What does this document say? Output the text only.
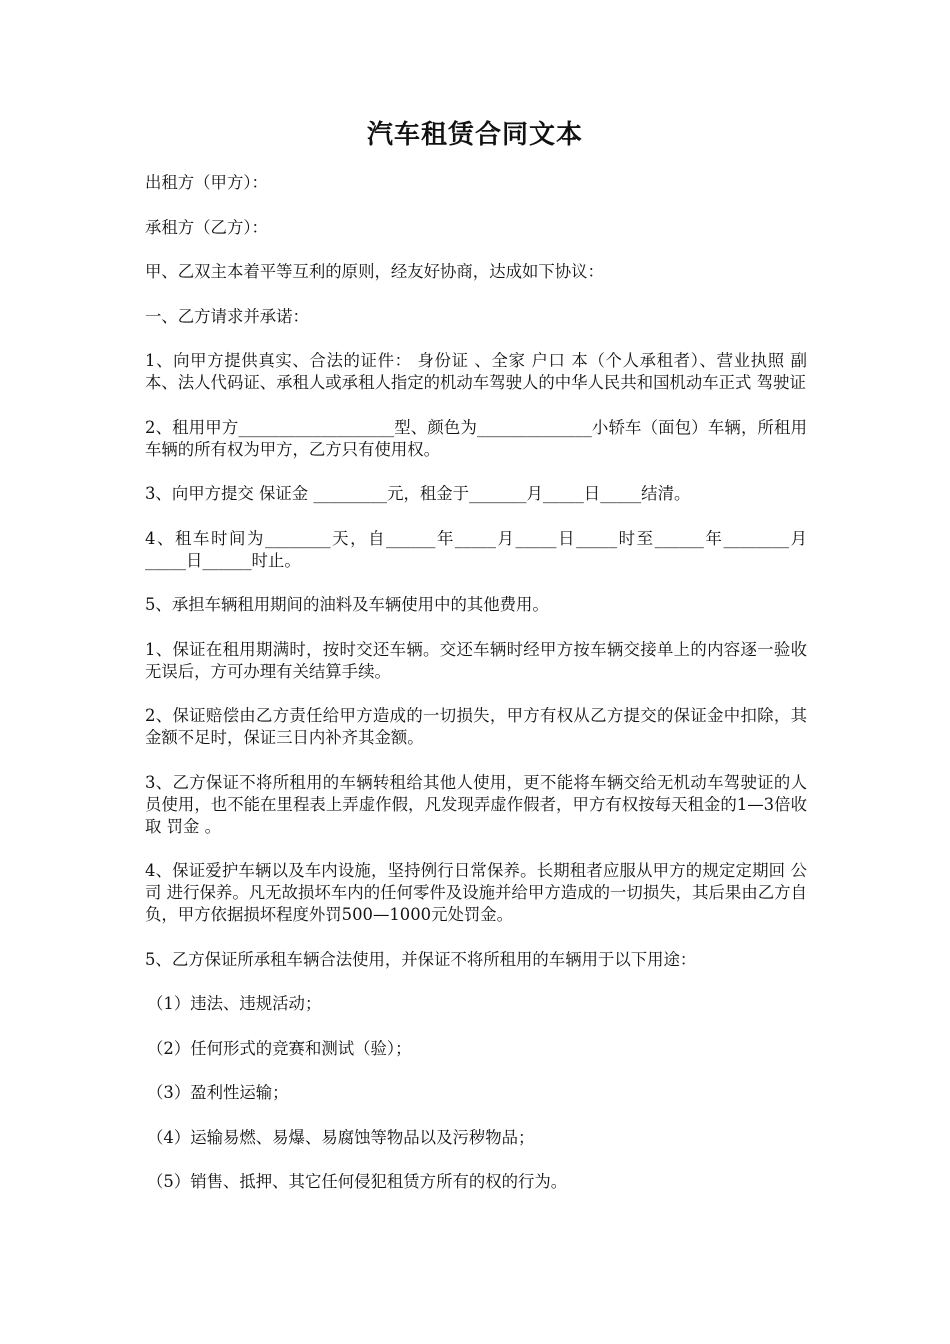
汽车租赁合同文本

出租方（甲方）：

承租方（乙方）：

甲、乙双主本着平等互利的原则，经友好协商，达成如下协议：

一、乙方请求并承诺：

1、向甲方提供真实、合法的证件： 身份证 、全家 户口 本（个人承租者）、营业执照 副本、法人代码证、承租人或承租人指定的机动车驾驶人的中华人民共和国机动车正式 驾驶证

2、租用甲方___________________型、颜色为______________小轿车（面包）车辆，所租用车辆的所有权为甲方，乙方只有使用权。

3、向甲方提交 保证金 _________元，租金于_______月_____日_____结清。

4、租车时间为________天，自______年_____月_____日_____时至______年________月_____日______时止。

5、承担车辆租用期间的油料及车辆使用中的其他费用。

1、保证在租用期满时，按时交还车辆。交还车辆时经甲方按车辆交接单上的内容逐一验收无误后，方可办理有关结算手续。

2、保证赔偿由乙方责任给甲方造成的一切损失，甲方有权从乙方提交的保证金中扣除，其金额不足时，保证三日内补齐其金额。

3、乙方保证不将所租用的车辆转租给其他人使用，更不能将车辆交给无机动车驾驶证的人员使用，也不能在里程表上弄虚作假，凡发现弄虚作假者，甲方有权按每天租金的1—3倍收取 罚金 。

4、保证爱护车辆以及车内设施，坚持例行日常保养。长期租者应服从甲方的规定定期回 公司 进行保养。凡无故损坏车内的任何零件及设施并给甲方造成的一切损失，其后果由乙方自负，甲方依据损坏程度外罚500—1000元处罚金。

5、乙方保证所承租车辆合法使用，并保证不将所租用的车辆用于以下用途：

（1）违法、违规活动；

（2）任何形式的竞赛和测试（验）；

（3）盈利性运输；

（4）运输易燃、易爆、易腐蚀等物品以及污秽物品；

（5）销售、抵押、其它任何侵犯租赁方所有的权的行为。
